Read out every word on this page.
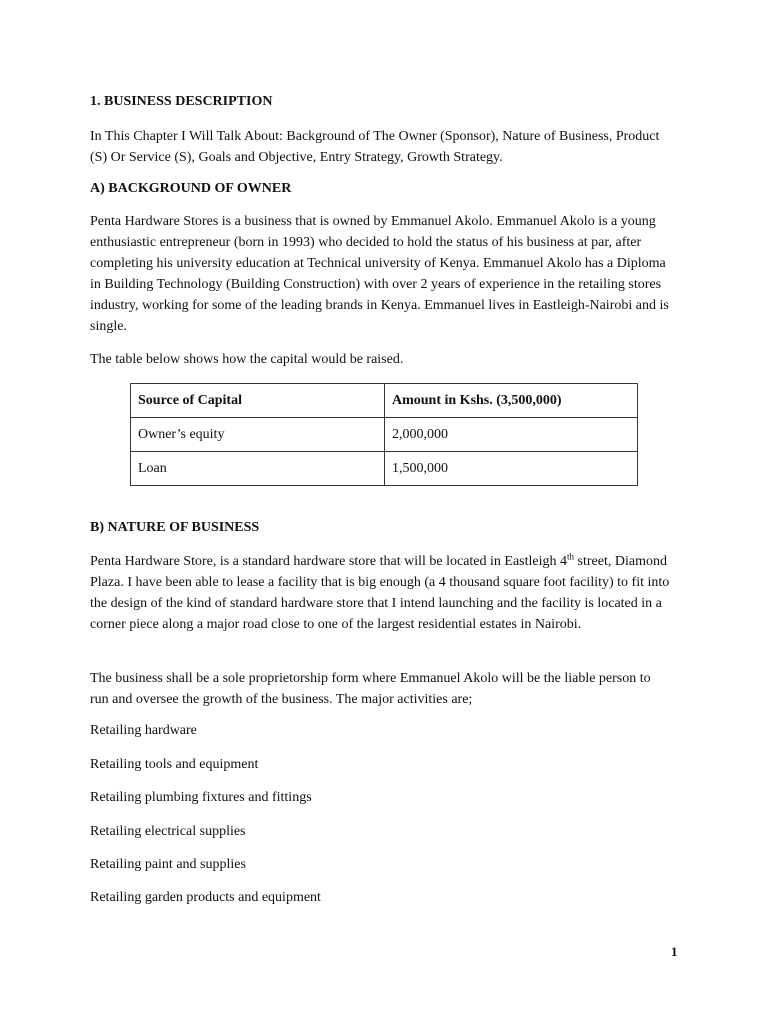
1. BUSINESS DESCRIPTION

In This Chapter I Will Talk About: Background of The Owner (Sponsor), Nature of Business, Product (S) Or Service (S), Goals and Objective, Entry Strategy, Growth Strategy.

A) BACKGROUND OF OWNER

Penta Hardware Stores is a business that is owned by Emmanuel Akolo. Emmanuel Akolo is a young enthusiastic entrepreneur (born in 1993) who decided to hold the status of his business at par, after completing his university education at Technical university of Kenya. Emmanuel Akolo has a Diploma in Building Technology (Building Construction) with over 2 years of experience in the retailing stores industry, working for some of the leading brands in Kenya. Emmanuel lives in Eastleigh-Nairobi and is single.

The table below shows how the capital would be raised.

Source of Capital	Amount in Kshs. (3,500,000)
Owner’s equity	2,000,000
Loan	1,500,000
B) NATURE OF BUSINESS

Penta Hardware Store, is a standard hardware store that will be located in Eastleigh 4th street, Diamond Plaza. I have been able to lease a facility that is big enough (a 4 thousand square foot facility) to fit into the design of the kind of standard hardware store that I intend launching and the facility is located in a corner piece along a major road close to one of the largest residential estates in Nairobi.

The business shall be a sole proprietorship form where Emmanuel Akolo will be the liable person to run and oversee the growth of the business. The major activities are;

Retailing hardware
Retailing tools and equipment
Retailing plumbing fixtures and fittings
Retailing electrical supplies
Retailing paint and supplies
Retailing garden products and equipment
1
